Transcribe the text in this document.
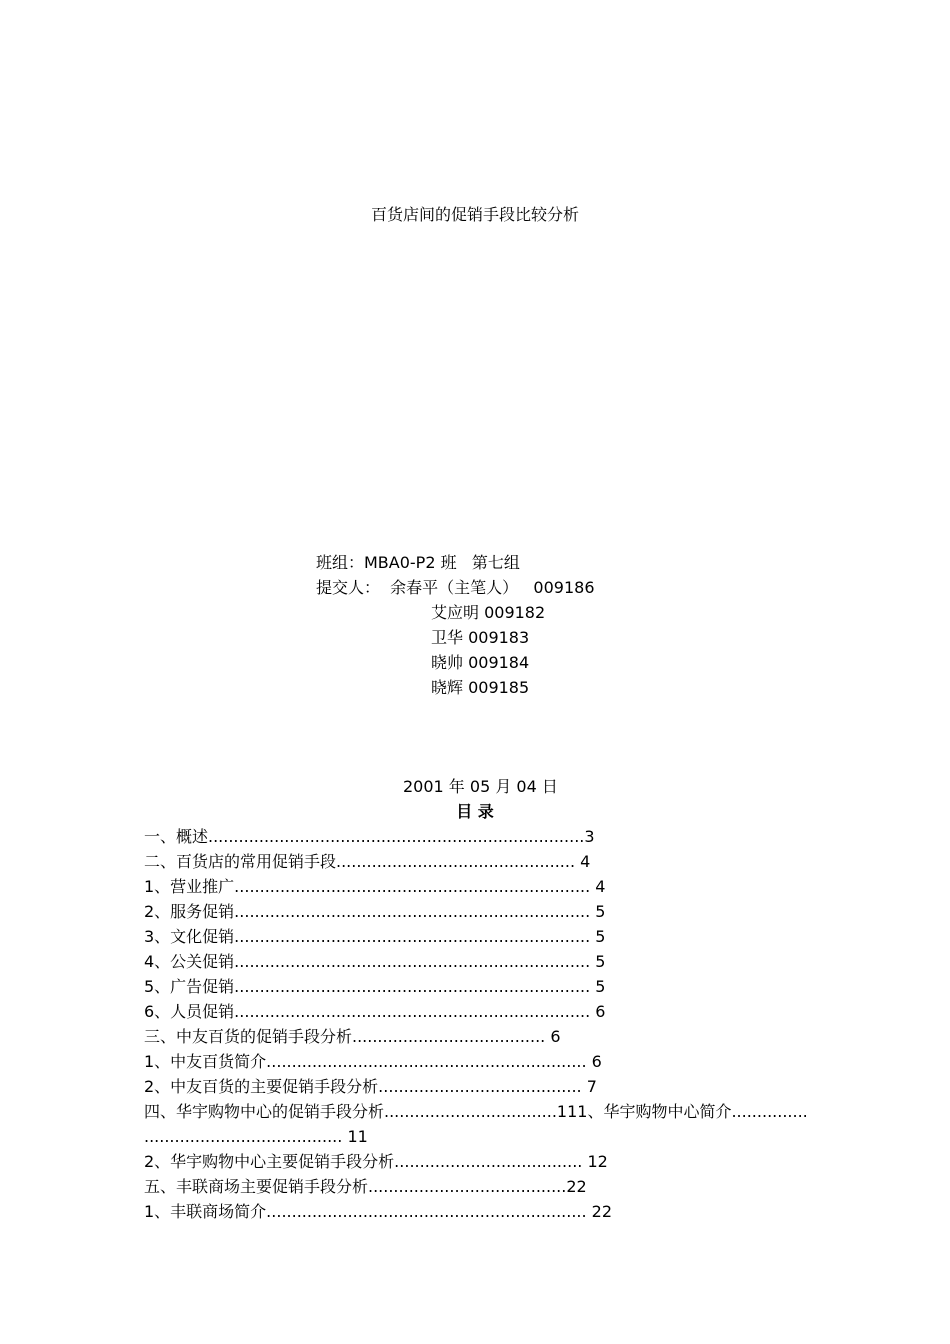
百货店间的促销手段比较分析
班组：MBA0-P2 班   第七组
提交人：  余春平（主笔人）   009186
艾应明 009182
卫华 009183
晓帅 009184
晓辉 009185
2001 年 05 月 04 日
目 录
一、概述..........................................................................3
二、百货店的常用促销手段............................................... 4
1、营业推广...................................................................... 4
2、服务促销...................................................................... 5
3、文化促销...................................................................... 5
4、公关促销...................................................................... 5
5、广告促销...................................................................... 5
6、人员促销...................................................................... 6
三、中友百货的促销手段分析...................................... 6
1、中友百货简介............................................................... 6
2、中友百货的主要促销手段分析........................................ 7
四、华宇购物中心的促销手段分析..................................111、华宇购物中心简介...............
....................................... 11
2、华宇购物中心主要促销手段分析..................................... 12
五、丰联商场主要促销手段分析.......................................22
1、丰联商场简介............................................................... 22
